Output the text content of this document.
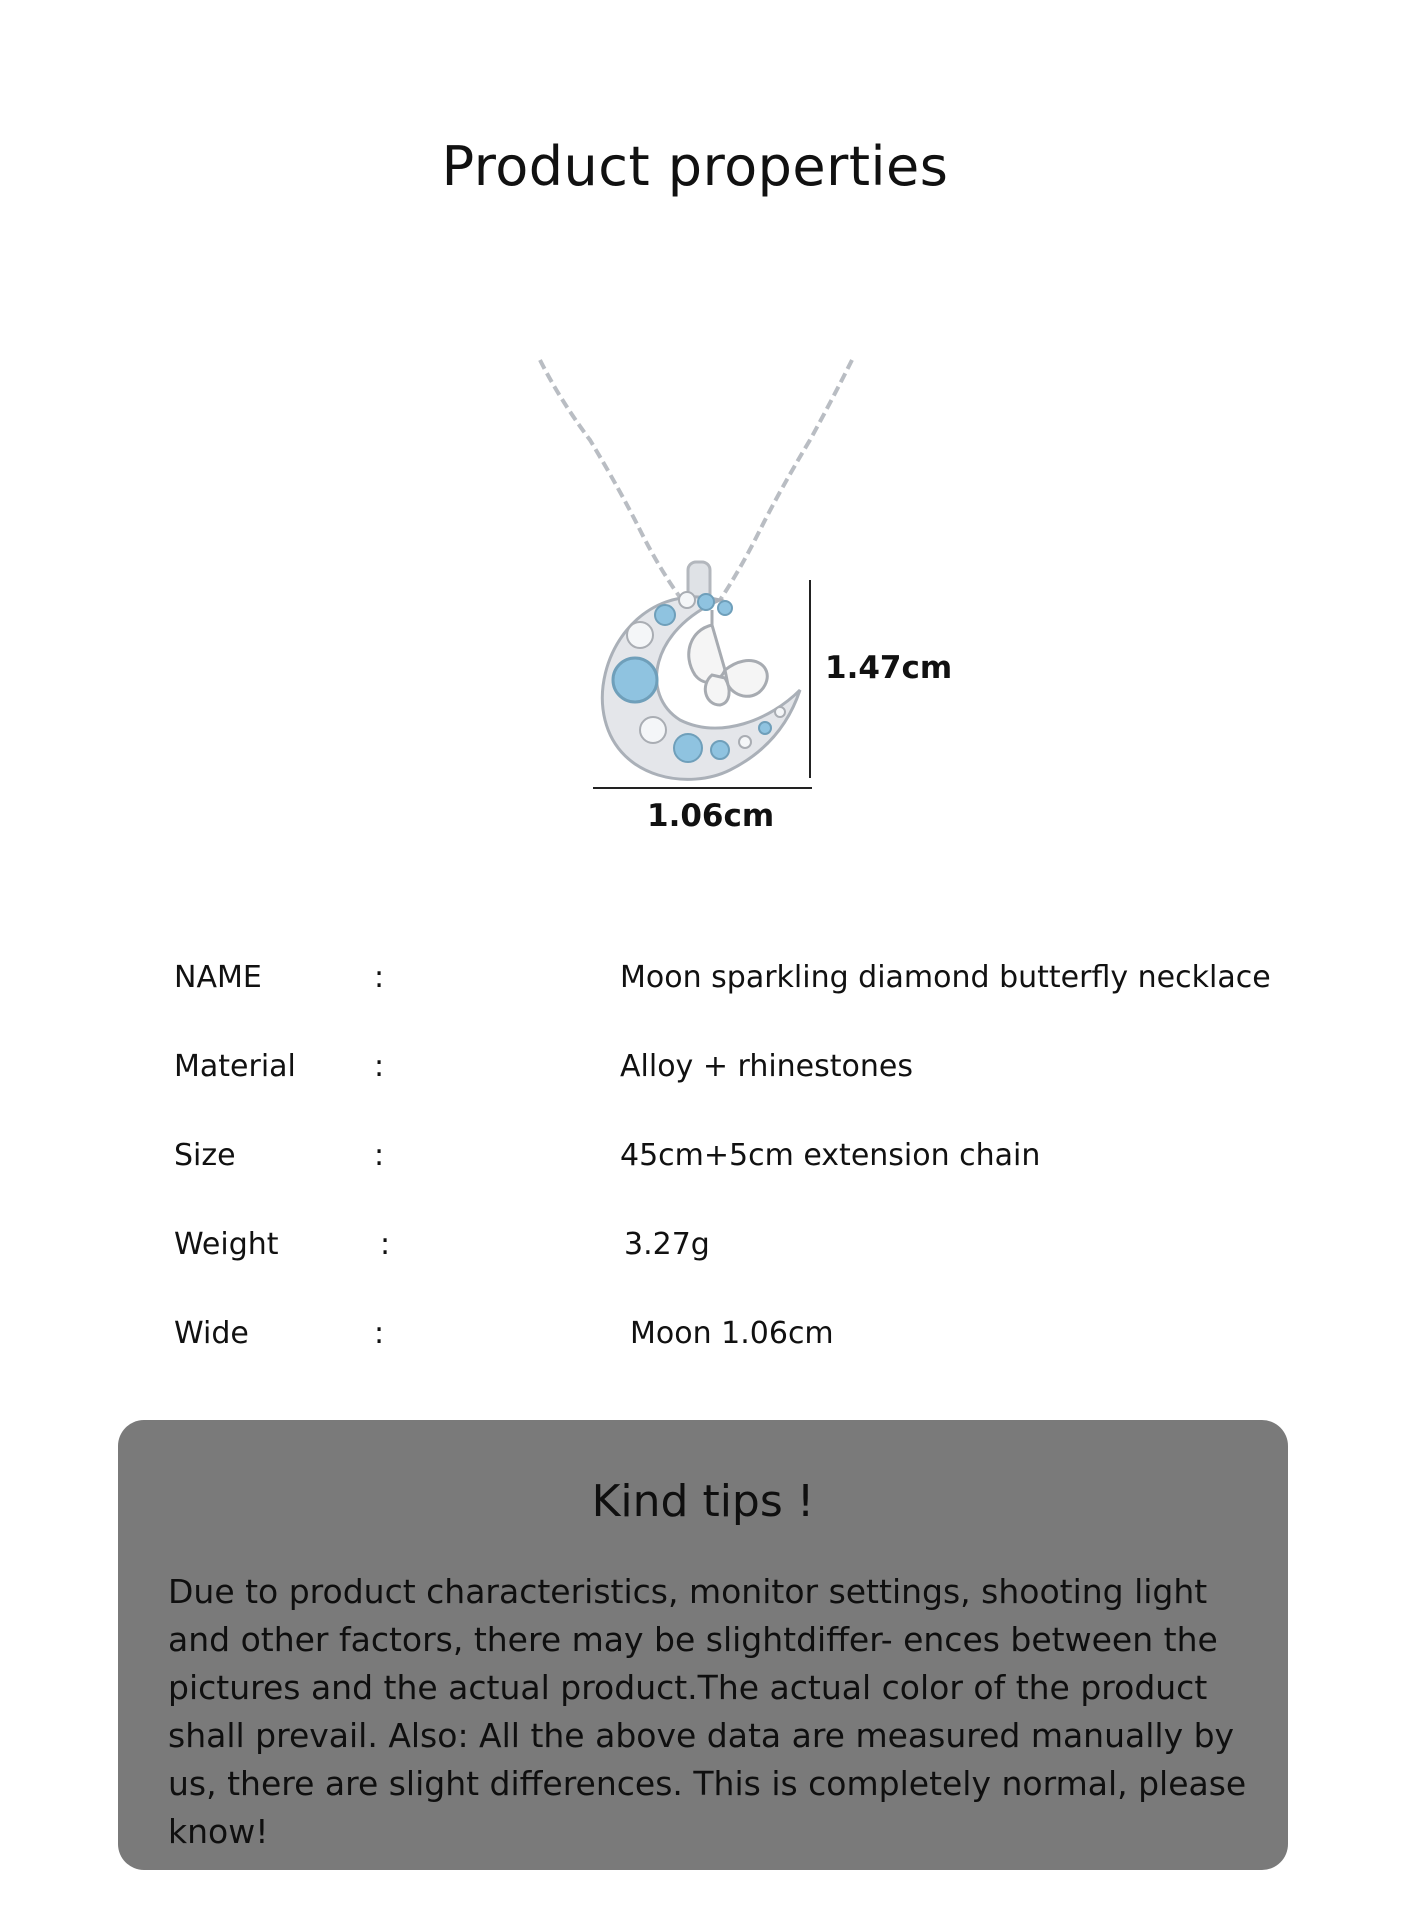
Product properties
1.47cm
1.06cm
NAME	:	Moon sparkling diamond butterfly necklace
Material	:	Alloy + rhinestones
Size	:	45cm+5cm extension chain
Weight	:	3.27g
Wide	:	Moon 1.06cm
Kind tips !
Due to product characteristics, monitor settings, shooting light and other factors, there may be slightdiffer- ences between the pictures and the actual product.The actual color of the product shall prevail. Also: All the above data are measured manually by us, there are slight differences. This is completely normal, please know!
